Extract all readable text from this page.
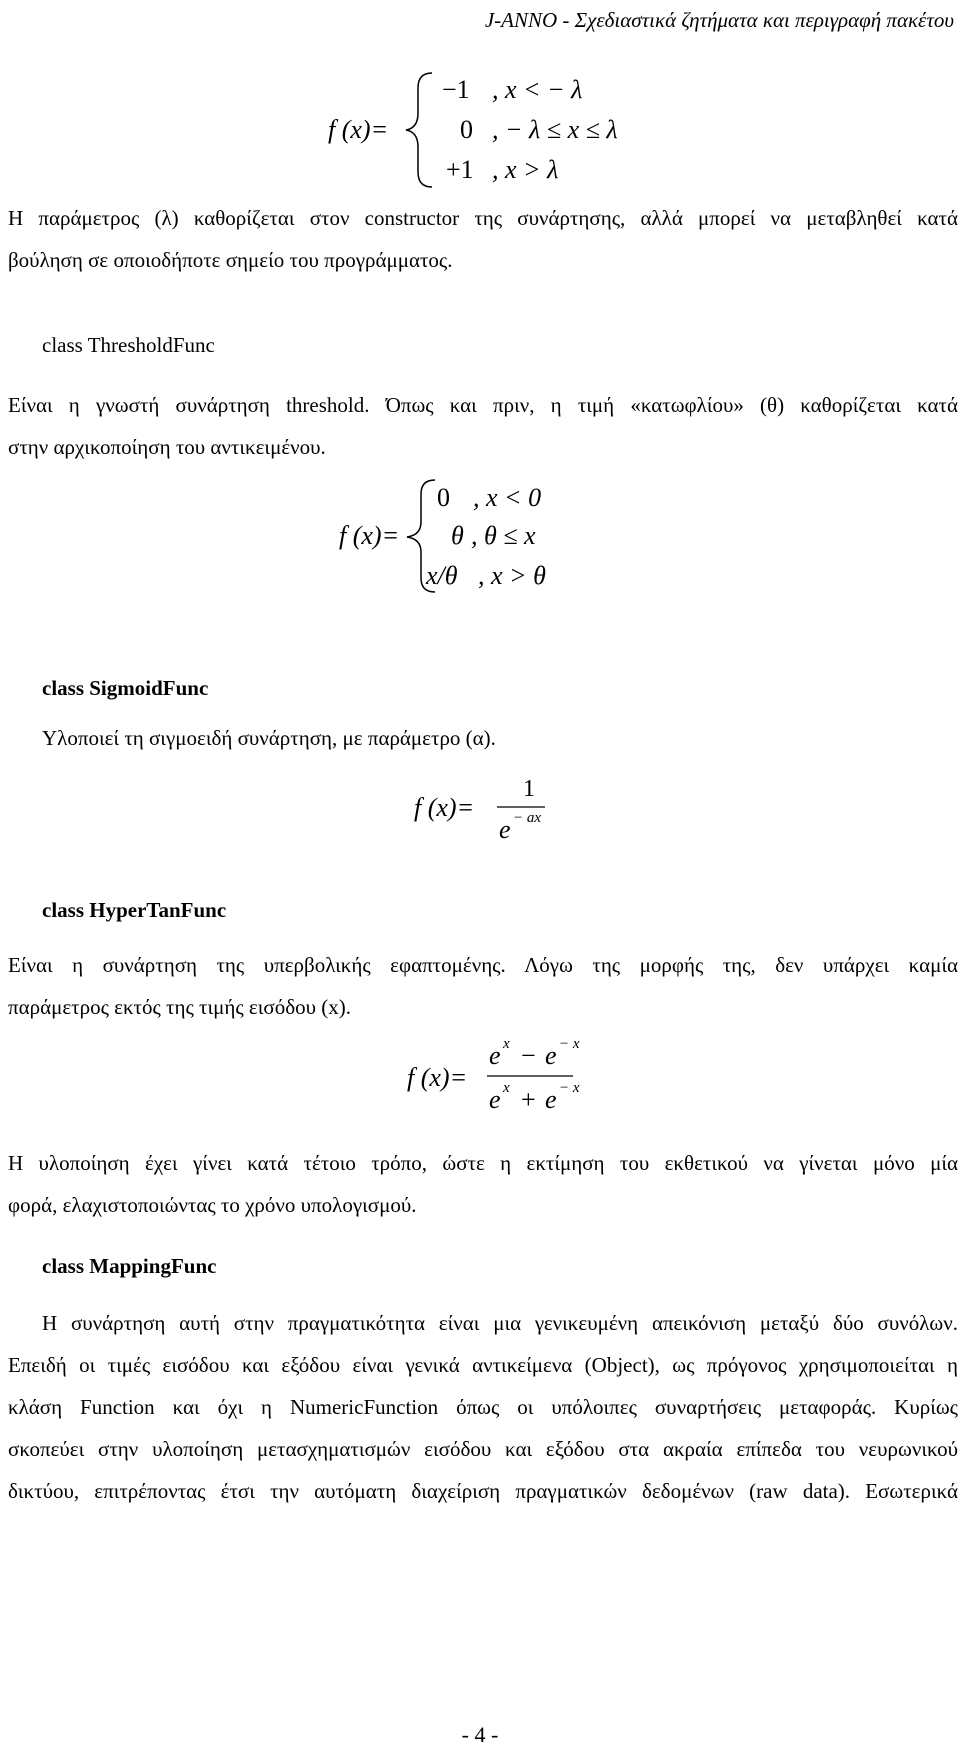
J-ANNO - Σχεδιαστικά ζητήματα και περιγραφή πακέτου
f (x)=
−1 , x < − λ
0 , − λ ≤ x ≤ λ
+1 , x > λ
Η παράμετρος (λ) καθορίζεται στον constructor της συνάρτησης, αλλά μπορεί να μεταβληθεί κατά
βούληση σε οποιοδήποτε σημείο του προγράμματος.
class ThresholdFunc
Είναι η γνωστή συνάρτηση threshold. Όπως και πριν, η τιμή «κατωφλίου» (θ) καθορίζεται κατά
στην αρχικοποίηση του αντικειμένου.
f (x)=
0 , x < 0
θ , θ ≤ x
x/θ , x > θ
class SigmoidFunc
Υλοποιεί τη σιγμοειδή συνάρτηση, με παράμετρο (α).
f (x)=
1
e − ax
class HyperTanFunc
Είναι η συνάρτηση της υπερβολικής εφαπτομένης. Λόγω της μορφής της, δεν υπάρχει καμία
παράμετρος εκτός της τιμής εισόδου (x).
f (x)=
e x − e − x
e x + e − x
Η υλοποίηση έχει γίνει κατά τέτοιο τρόπο, ώστε η εκτίμηση του εκθετικού να γίνεται μόνο μία
φορά, ελαχιστοποιώντας το χρόνο υπολογισμού.
class MappingFunc
Η συνάρτηση αυτή στην πραγματικότητα είναι μια γενικευμένη απεικόνιση μεταξύ δύο συνόλων.
Επειδή οι τιμές εισόδου και εξόδου είναι γενικά αντικείμενα (Object), ως πρόγονος χρησιμοποιείται η
κλάση Function και όχι η NumericFunction όπως οι υπόλοιπες συναρτήσεις μεταφοράς. Κυρίως
σκοπεύει στην υλοποίηση μετασχηματισμών εισόδου και εξόδου στα ακραία επίπεδα του νευρωνικού
δικτύου, επιτρέποντας έτσι την αυτόματη διαχείριση πραγματικών δεδομένων (raw data). Εσωτερικά
- 4 -
